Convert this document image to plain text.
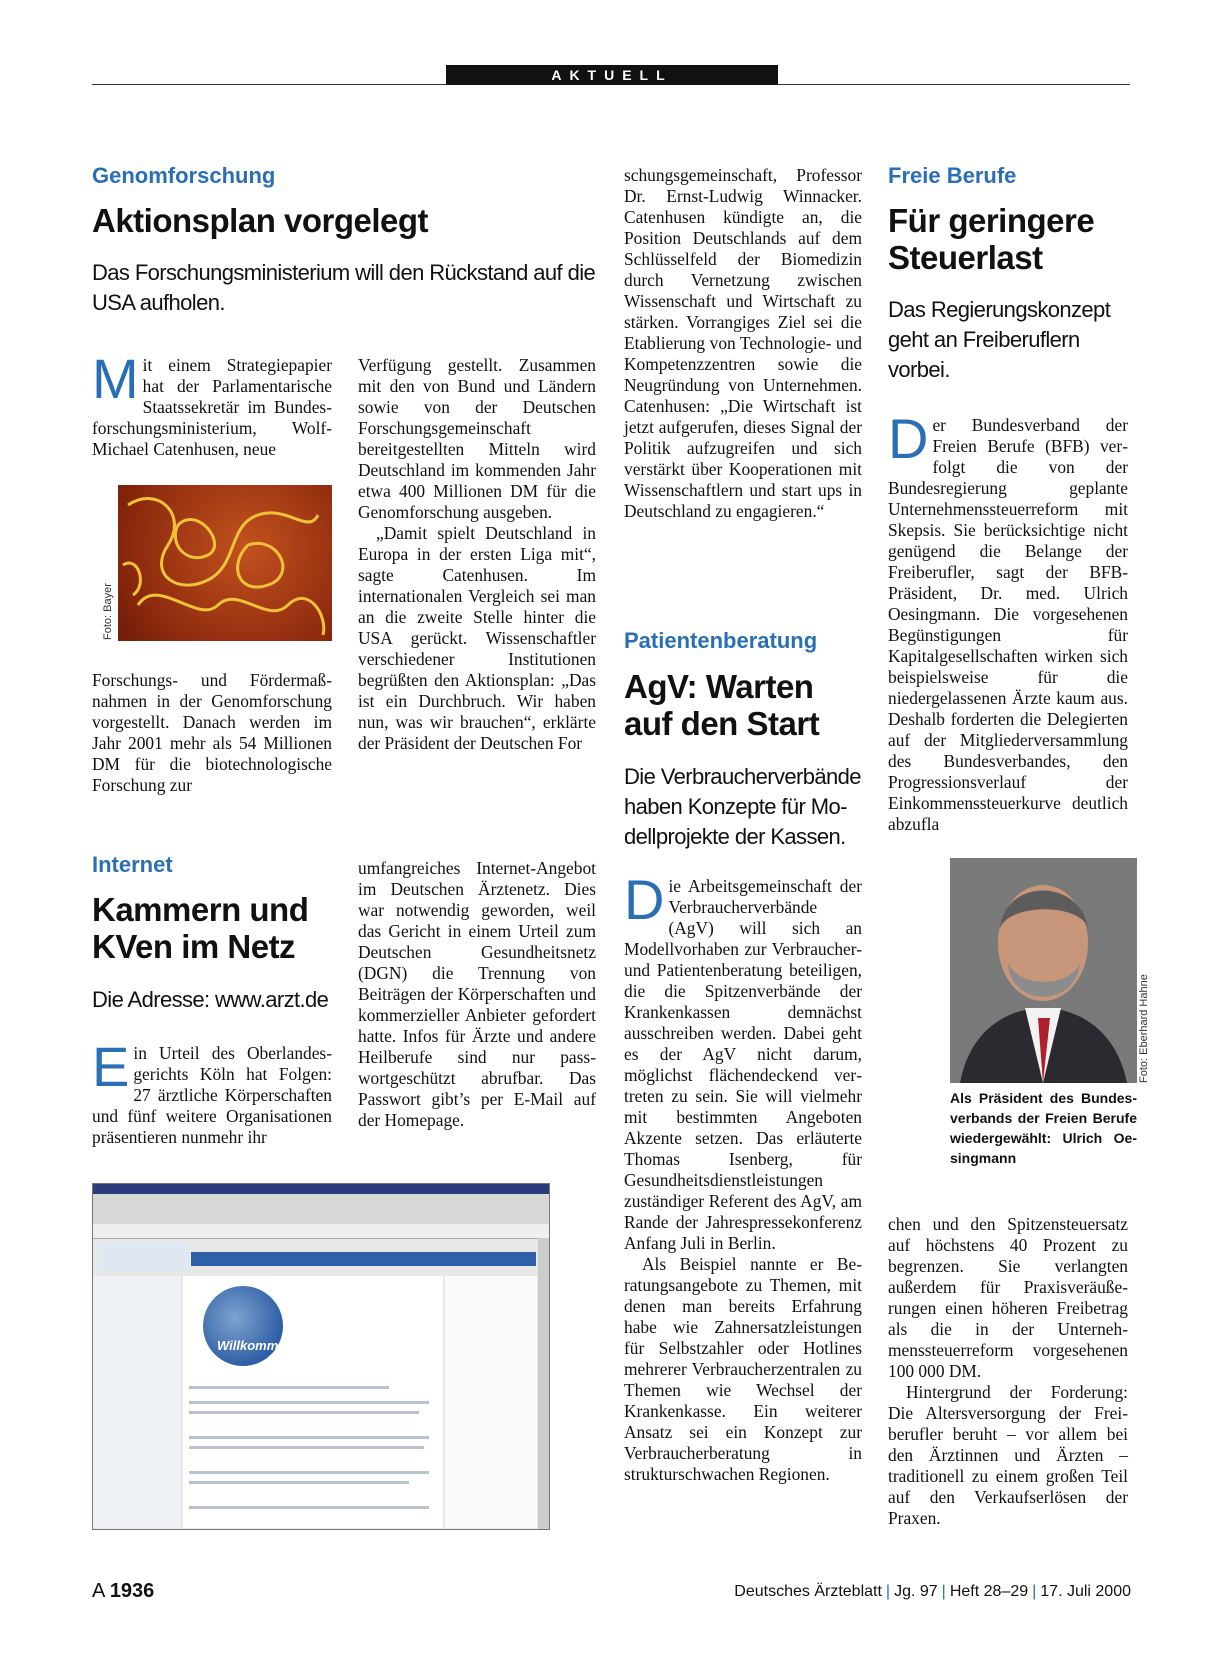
AKTUELL
Genomforschung
Aktionsplan vorgelegt
Das Forschungsministerium will den Rückstand auf die USA aufholen.
M it einem Strategiepapier hat der Parlamentarische Staatssekretär im Bundesforschungsministerium, Wolf-Michael Catenhusen, neue
Foto: Bayer
Forschungs- und Fördermaßnahmen in der Genomforschung vorgestellt. Danach werden im Jahr 2001 mehr als 54 Millionen DM für die biotechnologische Forschung zur

Verfügung gestellt. Zusammen mit den von Bund und Ländern sowie von der Deutschen Forschungsgemeinschaft bereitgestellten Mitteln wird Deutschland im kommenden Jahr etwa 400 Millionen DM für die Genomforschung ausgeben.

„Damit spielt Deutschland in Europa in der ersten Liga mit“, sagte Catenhusen. Im internationalen Vergleich sei man an die zweite Stelle hinter die USA gerückt. Wissenschaftler verschiedener Institutionen begrüßten den Aktionsplan: „Das ist ein Durchbruch. Wir haben nun, was wir brauchen“, erklärte der Präsident der Deutschen For

schungsgemeinschaft, Professor Dr. Ernst-Ludwig Winnacker. Catenhusen kündigte an, die Position Deutschlands auf dem Schlüsselfeld der Biomedizin durch Vernetzung zwischen Wissenschaft und Wirtschaft zu stärken. Vorrangiges Ziel sei die Etablierung von Technologie- und Kompetenzzentren sowie die Neugründung von Unternehmen. Catenhusen: „Die Wirtschaft ist jetzt aufgerufen, dieses Signal der Politik aufzugreifen und sich verstärkt über Kooperationen mit Wissenschaftlern und start ups in Deutschland zu engagieren.“
Internet
Kammern und
KVen im Netz
Die Adresse: www.arzt.de
E in Urteil des Oberlandesgerichts Köln hat Folgen: 27 ärztliche Körperschaften und fünf weitere Organisationen präsentieren nunmehr ihr
umfangreiches Internet-Angebot im Deutschen Ärztenetz. Dies war notwendig geworden, weil das Gericht in einem Urteil zum Deutschen Gesundheitsnetz (DGN) die Trennung von Beiträgen der Körperschaften und kommerzieller Anbieter gefordert hatte. Infos für Ärzte und andere Heilberufe sind nur passwortgeschützt abrufbar. Das Passwort gibt’s per E-Mail auf der Homepage.
Willkommen
Patientenberatung
AgV: Warten
auf den Start
Die Verbraucherverbände haben Konzepte für Modellprojekte der Kassen.

D ie Arbeitsgemeinschaft der Verbraucherverbände (AgV) will sich an Modellvorhaben zur Verbraucher- und Patientenberatung beteiligen, die die Spitzenverbände der Krankenkassen demnächst ausschreiben werden. Dabei geht es der AgV nicht darum, möglichst flächendeckend vertreten zu sein. Sie will vielmehr mit bestimmten Angeboten Akzente setzen. Das erläuterte Thomas Isenberg, für Gesundheitsdienstleistungen zuständiger Referent des AgV, am Rande der Jahrespressekonferenz Anfang Juli in Berlin.

Als Beispiel nannte er Beratungsangebote zu Themen, mit denen man bereits Erfahrung habe wie Zahnersatzleistungen für Selbstzahler oder Hotlines mehrerer Verbraucherzentralen zu Themen wie Wechsel der Krankenkasse. Ein weiterer Ansatz sei ein Konzept zur Verbraucherberatung in strukturschwachen Regionen.

Freie Berufe
Für geringere
Steuerlast
Das Regierungskonzept geht an Freiberuflern vorbei.
D er Bundesverband der Freien Berufe (BFB) verfolgt die von der Bundesregierung geplante Unternehmenssteuerreform mit Skepsis. Sie berücksichtige nicht genügend die Belange der Freiberufler, sagt der BFB-Präsident, Dr. med. Ulrich Oesingmann. Die vorgesehenen Begünstigungen für Kapitalgesellschaften wirken sich beispielsweise für die niedergelassenen Ärzte kaum aus. Deshalb forderten die Delegierten auf der Mitgliederversammlung des Bundesverbandes, den Progressionsverlauf der Einkommenssteuerkurve deutlich abzufla
Foto: Eberhard Hahne
Als Präsident des Bundesverbands der Freien Berufe wiedergewählt: Ulrich Oesingmann

chen und den Spitzensteuersatz auf höchstens 40 Prozent zu begrenzen. Sie verlangten außerdem für Praxisveräußerungen einen höheren Freibetrag als die in der Unternehmenssteuerreform vorgesehenen 100 000 DM.

Hintergrund der Forderung: Die Altersversorgung der Freiberufler beruht – vor allem bei den Ärztinnen und Ärzten – traditionell zu einem großen Teil auf den Verkaufserlösen der Praxen.

A 1936	Deutsches Ärzteblatt | Jg. 97 | Heft 28–29 | 17. Juli 2000
